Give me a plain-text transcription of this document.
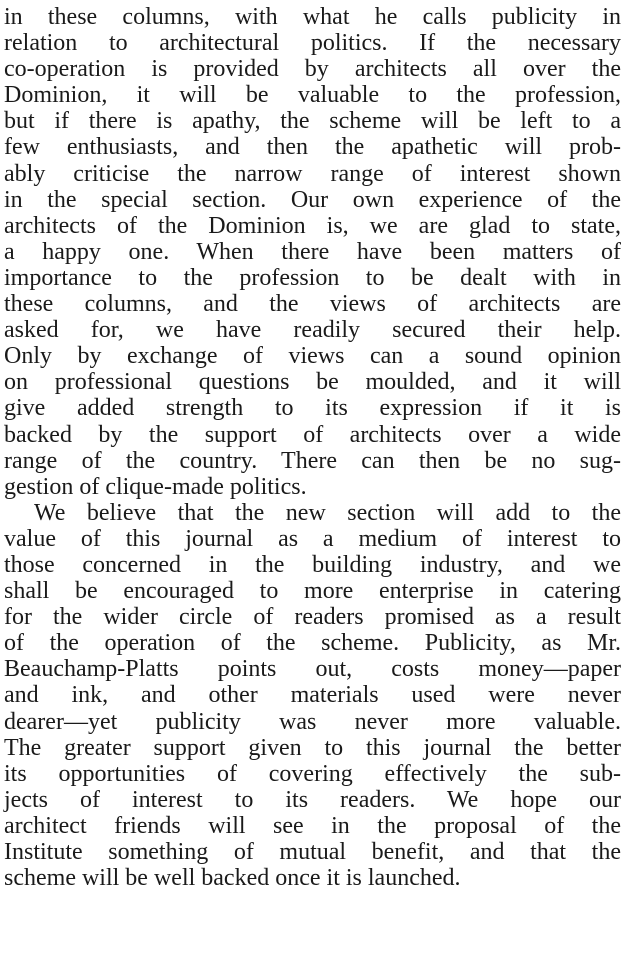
in these columns, with what he calls publicity in
relation to architectural politics. If the necessary
co-operation is provided by architects all over the
Dominion, it will be valuable to the profession,
but if there is apathy, the scheme will be left to a
few enthusiasts, and then the apathetic will prob-
ably criticise the narrow range of interest shown
in the special section. Our own experience of the
architects of the Dominion is, we are glad to state,
a happy one. When there have been matters of
importance to the profession to be dealt with in
these columns, and the views of architects are
asked for, we have readily secured their help.
Only by exchange of views can a sound opinion
on professional questions be moulded, and it will
give added strength to its expression if it is
backed by the support of architects over a wide
range of the country. There can then be no sug-
gestion of clique-made politics.
We believe that the new section will add to the
value of this journal as a medium of interest to
those concerned in the building industry, and we
shall be encouraged to more enterprise in catering
for the wider circle of readers promised as a result
of the operation of the scheme. Publicity, as Mr.
Beauchamp-Platts points out, costs money—paper
and ink, and other materials used were never
dearer—yet publicity was never more valuable.
The greater support given to this journal the better
its opportunities of covering effectively the sub-
jects of interest to its readers. We hope our
architect friends will see in the proposal of the
Institute something of mutual benefit, and that the
scheme will be well backed once it is launched.
